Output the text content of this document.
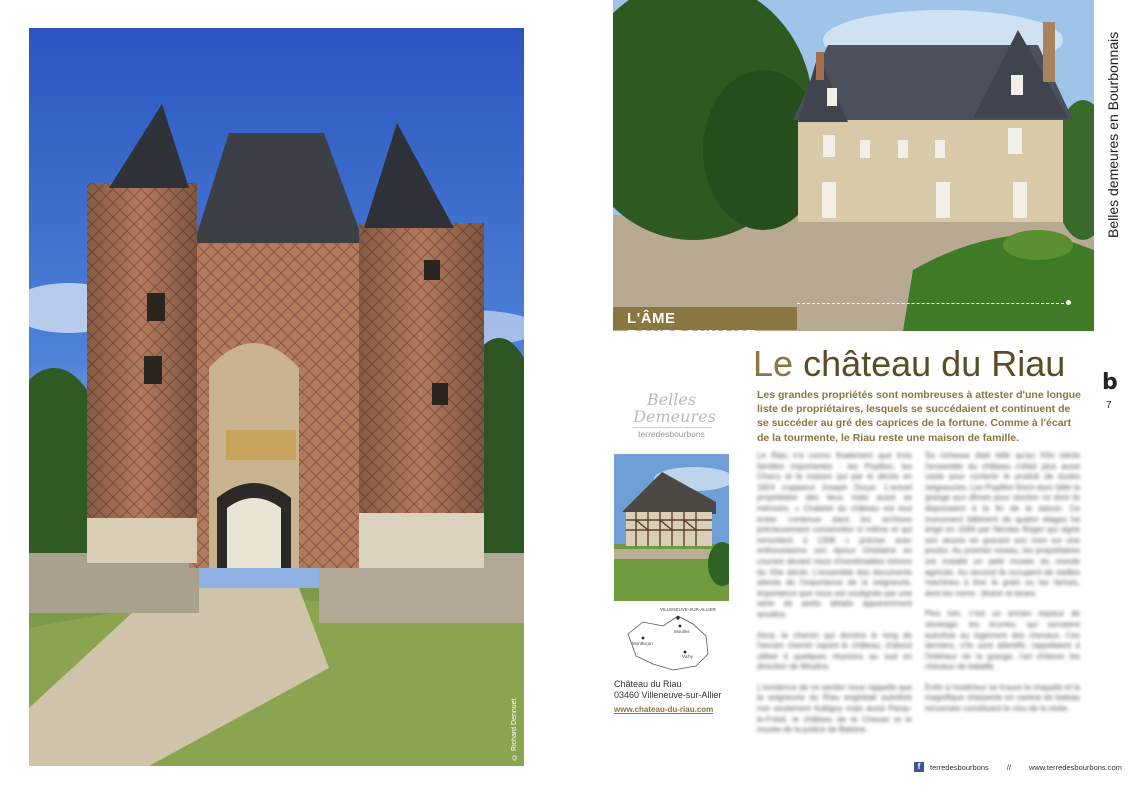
© Richard Dennuet
L'ÂME BOURBONNAISE
Belles demeures en Bourbonnais
b
7
Le château du Riau
Les grandes propriétés sont nombreuses à attester d'une longue liste de propriétaires, lesquels se succédaient et continuent de se succéder au gré des caprices de la fortune. Comme à l'écart de la tourmente, le Riau reste une maison de famille.
Belles
Demeures
terredesbourbons
VILLENEUVE-SUR-ALLIER
Moulins
Montluçon
Vichy
Château du Riau
03460 Villeneuve-sur-Allier
www.chateau-du-riau.com

Le Riau n'a connu finalement que trois familles importantes : les Popillon, les Charry et la maison qui par le décès en 1824 s'apparut Joseph Durye. L'actuel propriétaire des lieux mais aussi se mémoire, « Chatelet du château est tout entier contenue dans les archives précieusement conservées si même et qui remontent à 1308 » précise avec enthousiasme son époux Ghislaine en courant devant nous d'inestimables trésors du XIIe siècle. L'ensemble des documents atteste de l'importance de la seigneurie, importance que nous est soulignée par une série de petits détails apparemment anodins.

Ainsi, le chemin qui domine le long de l'ancien chemin rejoint le château, d'abord utilisé à quelques réunions au sud en direction de Moulins.

L'existence de ce sentier nous rappelle que la seigneurie du Riau englobait autrefois non seulement Aubigny mais aussi Paray-le-Frésil, le château de la Chesse et le musée de la justice de Baleine.

Sa richesse était telle qu'au XIIe siècle l'ensemble du château n'était plus aussi vaste pour contenir le produit de toutes seigneuries. Les Popillon firent donc bâtir la grange aux dîmes pour stocker ce dont ils disposaient à la fin de la saison. Ce monument bâtiment de quatre étages fut érigé en 1584 par Nicolas Roger qui signe son œuvre en gravant son nom sur une poutre. Au premier niveau, les propriétaires ont installé un petit musée du monde agricole. Au second ils occupent de vieilles machines à tirer le grain ou les farines, dont les noms : blutoir et tarare.

Plus loin, c'est un ancien espace de stockage, les écuries, qui servaient autrefois au logement des chevaux. Ces derniers, s'ils sont attentifs, rappelaient à l'intérieur de la grange, l'art d'élever les chevaux de bataille.

Enfin à l'extérieur se trouve la chapelle et la magnifique charpente en carène de bateau renversée constituant le clou de la visite.

f	terredesbourbons // www.terredesbourbons.com
